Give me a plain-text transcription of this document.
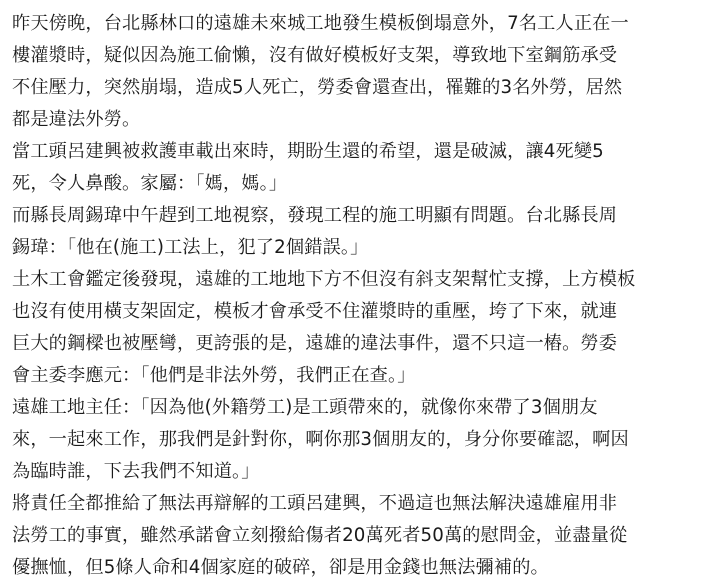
昨天傍晚，台北縣林口的遠雄未來城工地發生模板倒塌意外，7名工人正在一
樓灌漿時，疑似因為施工偷懶，沒有做好模板好支架，導致地下室鋼筋承受
不住壓力，突然崩塌，造成5人死亡，勞委會還查出，罹難的3名外勞，居然
都是違法外勞。
當工頭呂建興被救護車載出來時，期盼生還的希望，還是破滅，讓4死變5
死，令人鼻酸。家屬：「媽，媽。」
而縣長周錫瑋中午趕到工地視察，發現工程的施工明顯有問題。台北縣長周
錫瑋：「他在(施工)工法上，犯了2個錯誤。」
土木工會鑑定後發現，遠雄的工地地下方不但沒有斜支架幫忙支撐，上方模板
也沒有使用橫支架固定，模板才會承受不住灌漿時的重壓，垮了下來，就連
巨大的鋼樑也被壓彎，更誇張的是，遠雄的違法事件，還不只這一樁。勞委
會主委李應元：「他們是非法外勞，我們正在查。」
遠雄工地主任：「因為他(外籍勞工)是工頭帶來的，就像你來帶了3個朋友
來，一起來工作，那我們是針對你，啊你那3個朋友的，身分你要確認，啊因
為臨時誰，下去我們不知道。」
將責任全都推給了無法再辯解的工頭呂建興，不過這也無法解決遠雄雇用非
法勞工的事實，雖然承諾會立刻撥給傷者20萬死者50萬的慰問金，並盡量從
優撫恤，但5條人命和4個家庭的破碎，卻是用金錢也無法彌補的。
